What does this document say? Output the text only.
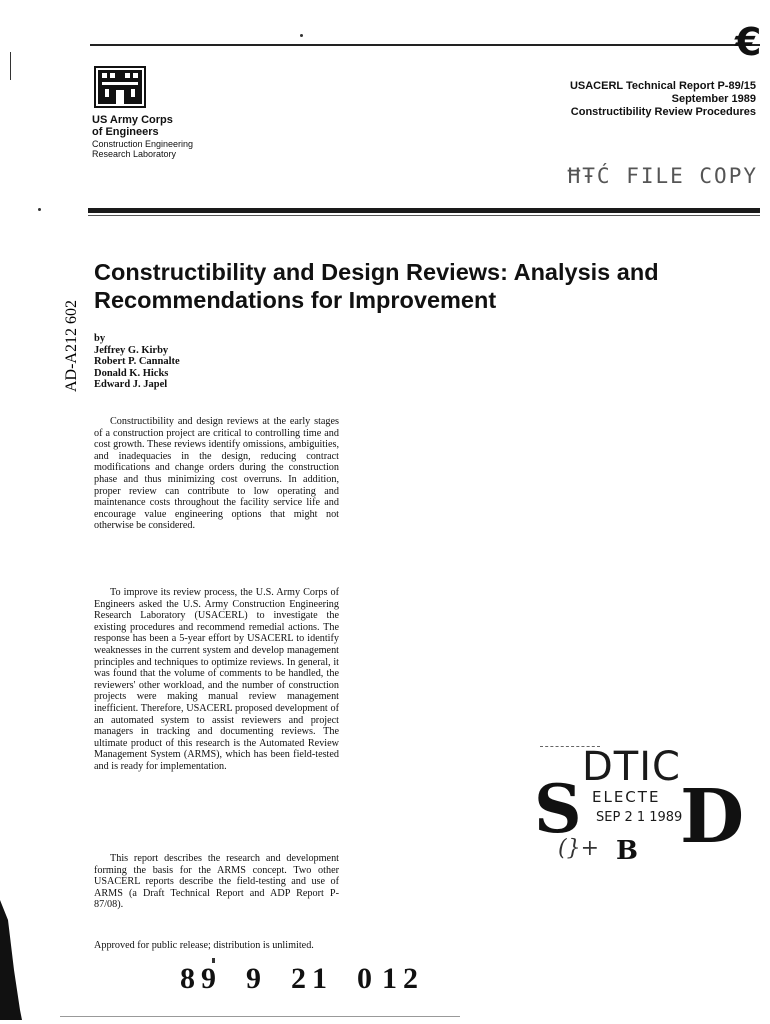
€
US Army Corps
of Engineers
Construction Engineering
Research Laboratory
USACERL Technical Report P-89/15
September 1989
Constructibility Review Procedures
ĦŦĆ FILE COPY
AD-A212 602
Constructibility and Design Reviews: Analysis and Recommendations for Improvement
by
Jeffrey G. Kirby
Robert P. Cannalte
Donald K. Hicks
Edward J. Japel
Constructibility and design reviews at the early stages of a construction project are critical to controlling time and cost growth. These reviews identify omissions, ambiguities, and inadequacies in the design, reducing contract modifications and change orders during the construction phase and thus minimizing cost overruns. In addition, proper review can contribute to low operating and maintenance costs throughout the facility service life and encourage value engineering options that might not otherwise be considered.
To improve its review process, the U.S. Army Corps of Engineers asked the U.S. Army Construction Engineering Research Laboratory (USACERL) to investigate the existing procedures and recommend remedial actions. The response has been a 5-year effort by USACERL to identify weaknesses in the current system and develop management principles and techniques to optimize reviews. In general, it was found that the volume of comments to be handled, the reviewers' other workload, and the number of construction projects were making manual review management inefficient. Therefore, USACERL proposed development of an automated system to assist reviewers and project managers in tracking and documenting reviews. The ultimate product of this research is the Automated Review Management System (ARMS), which has been field-tested and is ready for implementation.
This report describes the research and development forming the basis for the ARMS concept. Two other USACERL reports describe the field-testing and use of ARMS (a Draft Technical Report and ADP Report P-87/08).
Approved for public release; distribution is unlimited.
89 9 21 0 12
DTIC
ELECTE
SEP 2 1 1989
S D
B
(}+
